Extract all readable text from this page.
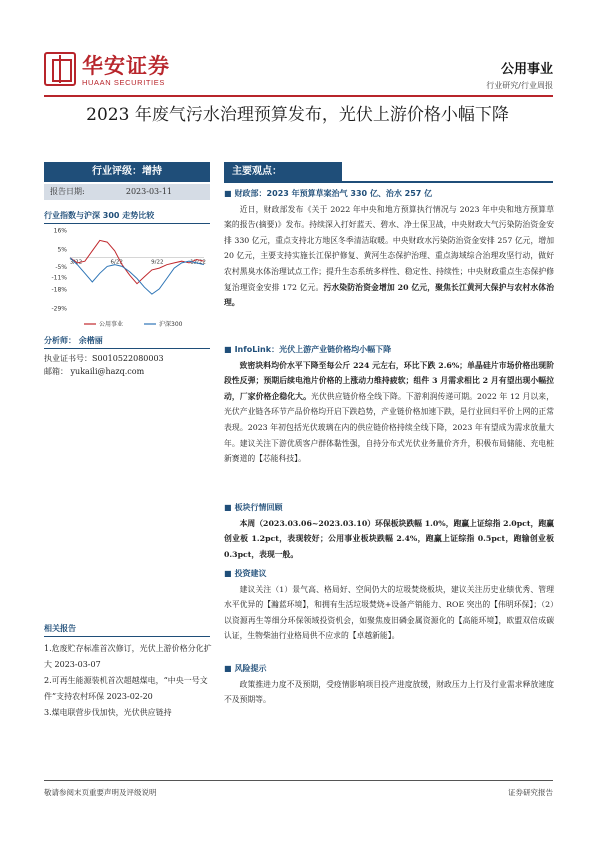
华安证券
HUAAN SECURITIES
公用事业
行业研究/行业周报
2023 年废气污水治理预算发布，光伏上游价格小幅下降
行业评级：增持
报告日期:	2023-03-11
行业指数与沪深 300 走势比较
16%
5%
-5%
-11%
-18%
-29%
3/22	6/22	9/22	12/22
公用事业	沪深300
分析师： 余楷丽
执业证书号：S0010522080003
邮箱： yukaili@hazq.com
相关报告
1.危废贮存标准首次修订，光伏上游价格分化扩大 2023-03-07
2.可再生能源装机首次超越煤电，“中央一号文件”支持农村环保 2023-02-20
3.煤电联营步伐加快，光伏供应链持
主要观点：
■ 财政部：2023 年预算草案治气 330 亿、治水 257 亿
近日，财政部发布《关于 2022 年中央和地方预算执行情况与 2023 年中央和地方预算草案的报告(摘要)》发布。持续深入打好蓝天、碧水、净土保卫战，中央财政大气污染防治资金安排 330 亿元，重点支持北方地区冬季清洁取暖。中央财政水污染防治资金安排 257 亿元，增加 20 亿元，主要支持实施长江保护修复、黄河生态保护治理、重点海域综合治理攻坚行动，做好农村黑臭水体治理试点工作；提升生态系统多样性、稳定性、持续性；中央财政重点生态保护修复治理资金安排 172 亿元。污水染防治资金增加 20 亿元，聚焦长江黄河大保护与农村水体治理。
■ InfoLink：光伏上游产业链价格均小幅下降
致密块料均价水平下降至每公斤 224 元左右，环比下跌 2.6%；单晶硅片市场价格出现阶段性反弹；预期后续电池片价格的上涨动力维持疲软；组件 3 月需求相比 2 月有望出现小幅拉动，厂家价格企稳化大。光伏供应链价格全线下降。下游利润传递可期。2022 年 12 月以来，光伏产业链各环节产品价格均开启下跌趋势，产业链价格加速下跌，是行业回归平价上网的正常表现。2023 年初包括光伏玻璃在内的供应链价格持续全线下降，2023 年有望成为需求放量大年。建议关注下游优质客户群体黏性强，自持分布式光伏业务量价齐升，积极布局储能、充电桩新赛道的【芯能科技】。
■ 板块行情回顾
本周（2023.03.06~2023.03.10）环保板块跌幅 1.0%，跑赢上证综指 2.0pct，跑赢创业板 1.2pct，表现较好；公用事业板块跌幅 2.4%，跑赢上证综指 0.5pct，跑输创业板 0.3pct，表现一般。
■ 投资建议
建议关注（1）景气高、格局好、空间仍大的垃圾焚烧板块，建议关注历史业绩优秀、管理水平优异的【瀚蓝环境】，和拥有生活垃圾焚烧+设备产销能力、ROE 突出的【伟明环保】；（2）以资源再生等细分环保领域投资机会，如聚焦废旧磷金属资源化的【高能环境】，欧盟双倍成碳认证，生物柴油行业格局供不应求的【卓越新能】。
■ 风险提示
政策推进力度不及预期，受疫情影响项目投产进度放缓，财政压力上行及行业需求释放速度不及预期等。
敬请参阅末页重要声明及评级说明	证券研究报告
